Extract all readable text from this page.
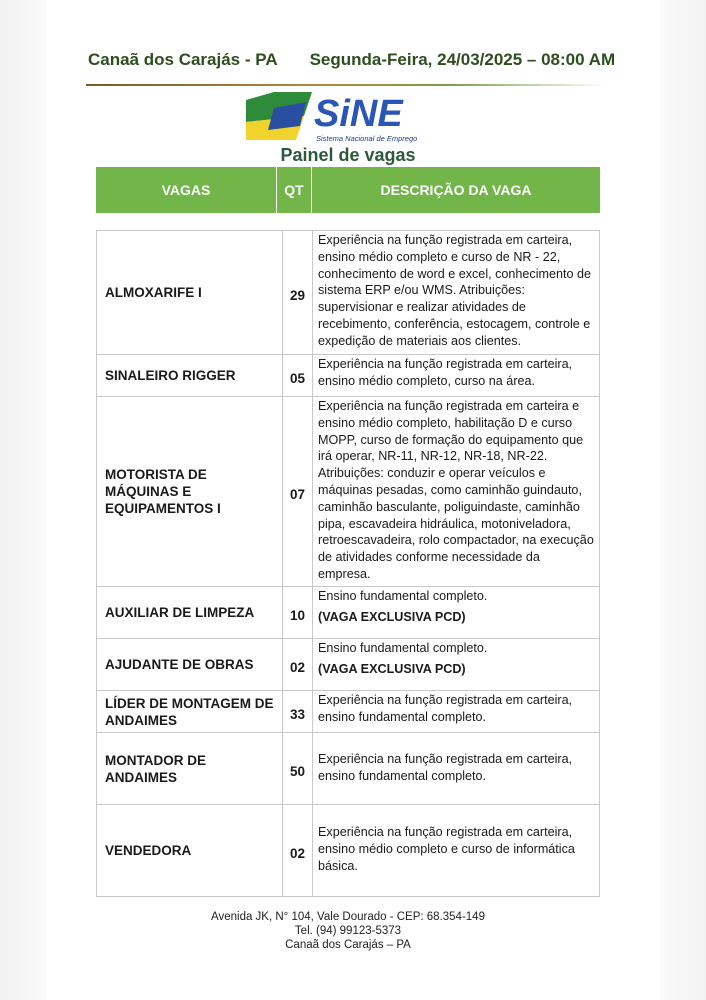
Canaã dos Carajás - PA Segunda-Feira, 24/03/2025 – 08:00 AM
SiNE
Sistema Nacional de Emprego
Painel de vagas
VAGAS	QT	DESCRIÇÃO DA VAGA
ALMOXARIFE I	29	Experiência na função registrada em carteira, ensino médio completo e curso de NR - 22, conhecimento de word e excel, conhecimento de sistema ERP e/ou WMS. Atribuições: supervisionar e realizar atividades de recebimento, conferência, estocagem, controle e expedição de materiais aos clientes.

SINALEIRO RIGGER	05	Experiência na função registrada em carteira, ensino médio completo, curso na área.

MOTORISTA DE MÁQUINAS E EQUIPAMENTOS I	07	Experiência na função registrada em carteira e ensino médio completo, habilitação D e curso MOPP, curso de formação do equipamento que irá operar, NR-11, NR-12, NR-18, NR-22. Atribuições: conduzir e operar veículos e máquinas pesadas, como caminhão guindauto, caminhão basculante, poliguindaste, caminhão pipa, escavadeira hidráulica, motoniveladora, retroescavadeira, rolo compactador, na execução de atividades conforme necessidade da empresa.

AUXILIAR DE LIMPEZA	10	Ensino fundamental completo.
(VAGA EXCLUSIVA PCD)

AJUDANTE DE OBRAS	02	Ensino fundamental completo.
(VAGA EXCLUSIVA PCD)

LÍDER DE MONTAGEM DE ANDAIMES	33	Experiência na função registrada em carteira, ensino fundamental completo.

MONTADOR DE ANDAIMES	50	Experiência na função registrada em carteira, ensino fundamental completo.

VENDEDORA	02	Experiência na função registrada em carteira, ensino médio completo e curso de informática básica.
Avenida JK, N° 104, Vale Dourado - CEP: 68.354-149
Tel. (94) 99123-5373
Canaã dos Carajás – PA
